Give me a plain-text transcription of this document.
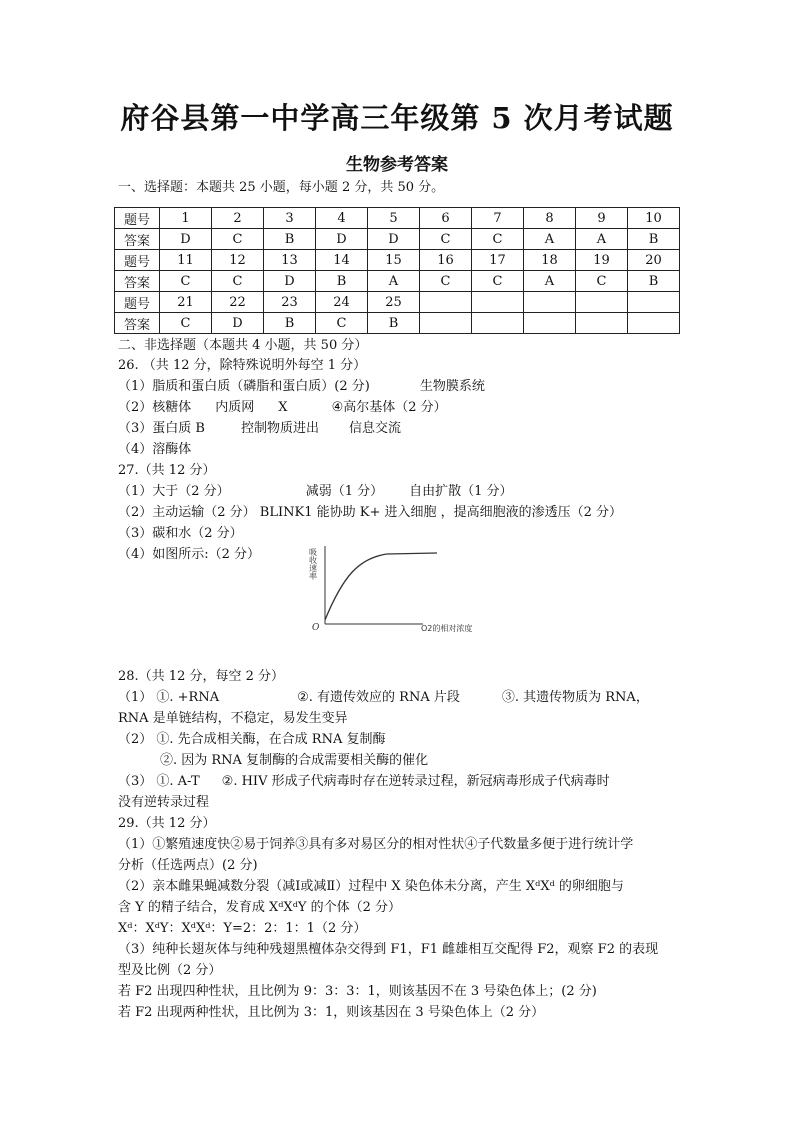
府谷县第一中学高三年级第 5 次月考试题
生物参考答案
一、选择题：本题共 25 小题，每小题 2 分，共 50 分。
题号	1	2	3	4	5	6	7	8	9	10
答案	D	C	B	D	D	C	C	A	A	B
题号	11	12	13	14	15	16	17	18	19	20
答案	C	C	D	B	A	C	C	A	C	B
题号	21	22	23	24	25					
答案	C	D	B	C	B					
二、非选择题（本题共 4 小题，共 50 分）
26. （共 12 分，除特殊说明外每空 1 分）
（1）脂质和蛋白质（磷脂和蛋白质）(2 分)	生物膜系统
（2）核糖体 内质网 X	④高尔基体（2 分）
（3）蛋白质 B	控制物质进出 信息交流
（4）溶酶体
27.（共 12 分）
（1）大于（2 分）	减弱（1 分） 自由扩散（1 分）
（2）主动运输（2 分） BLINK1 能协助 K+ 进入细胞 ，提高细胞液的渗透压（2 分）
（3）碳和水（2 分）
（4）如图所示:（2 分）
O	O2的相对浓度
吸收速率
28.（共 12 分，每空 2 分）
（1） ①. +RNA	②. 有遗传效应的 RNA 片段	③. 其遗传物质为 RNA，
RNA 是单链结构，不稳定，易发生变异
（2） ①. 先合成相关酶，在合成 RNA 复制酶
②. 因为 RNA 复制酶的合成需要相关酶的催化
（3） ①. A-T ②. HIV 形成子代病毒时存在逆转录过程，新冠病毒形成子代病毒时
没有逆转录过程
29.（共 12 分）
（1）①繁殖速度快②易于饲养③具有多对易区分的相对性状④子代数量多便于进行统计学
分析（任选两点）(2 分)
（2）亲本雌果蝇减数分裂（减Ⅰ或减Ⅱ）过程中 X 染色体未分离，产生 XᵈXᵈ 的卵细胞与
含 Y 的精子结合，发育成 XᵈXᵈY 的个体（2 分）
Xᵈ：XᵈY：XᵈXᵈ：Y=2：2：1：1（2 分）
（3）纯种长翅灰体与纯种残翅黑檀体杂交得到 F1，F1 雌雄相互交配得 F2，观察 F2 的表现
型及比例（2 分）
若 F2 出现四种性状，且比例为 9：3：3：1，则该基因不在 3 号染色体上；(2 分)
若 F2 出现两种性状，且比例为 3：1，则该基因在 3 号染色体上（2 分）
